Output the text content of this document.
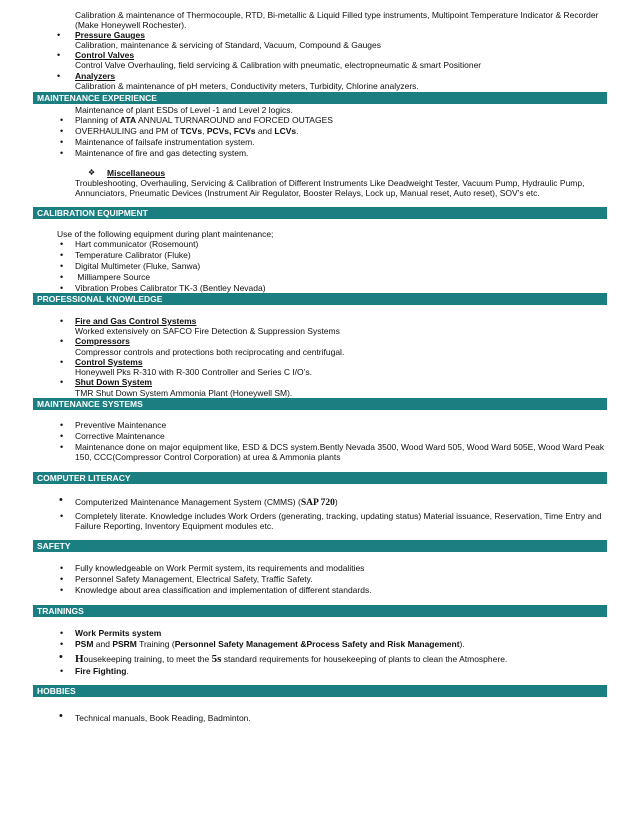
Calibration & maintenance of Thermocouple, RTD, Bi-metallic & Liquid Filled type instruments, Multipoint Temperature Indicator & Recorder
(Make Honeywell Rochester).
• Pressure Gauges
Calibration, maintenance & servicing of Standard, Vacuum, Compound & Gauges
• Control Valves
Control Valve Overhauling, field servicing & Calibration with pneumatic, electropneumatic & smart Positioner
• Analyzers
Calibration & maintenance of pH meters, Conductivity meters, Turbidity, Chlorine analyzers.
MAINTENANCE EXPERIENCE
Maintenance of plant ESDs of Level -1 and Level 2 logics.
• Planning of ATA ANNUAL TURNAROUND and FORCED OUTAGES
• OVERHAULING and PM of TCVs, PCVs, FCVs and LCVs.
• Maintenance of failsafe instrumentation system.
• Maintenance of fire and gas detecting system.
❖ Miscellaneous
Troubleshooting, Overhauling, Servicing & Calibration of Different Instruments Like Deadweight Tester, Vacuum Pump, Hydraulic Pump,
Annunciators, Pneumatic Devices (Instrument Air Regulator, Booster Relays, Lock up, Manual reset, Auto reset), SOV’s etc.
CALIBRATION EQUIPMENT
Use of the following equipment during plant maintenance;
• Hart communicator (Rosemount)
• Temperature Calibrator (Fluke)
• Digital Multimeter (Fluke, Sanwa)
• Milliampere Source
• Vibration Probes Calibrator TK-3 (Bentley Nevada)
PROFESSIONAL KNOWLEDGE
• Fire and Gas Control Systems
Worked extensively on SAFCO Fire Detection & Suppression Systems
• Compressors
Compressor controls and protections both reciprocating and centrifugal.
• Control Systems
Honeywell Pks R-310 with R-300 Controller and Series C I/O’s.
• Shut Down System
TMR Shut Down System Ammonia Plant (Honeywell SM).
MAINTENANCE SYSTEMS
• Preventive Maintenance
• Corrective Maintenance
• Maintenance done on major equipment like, ESD & DCS system.Bently Nevada 3500, Wood Ward 505, Wood Ward 505E, Wood Ward Peak
150, CCC(Compressor Control Corporation) at urea & Ammonia plants
COMPUTER LITERACY
• Computerized Maintenance Management System (CMMS) (SAP 720)
• Completely literate. Knowledge includes Work Orders (generating, tracking, updating status) Material issuance, Reservation, Time Entry and
Failure Reporting, Inventory Equipment modules etc.
SAFETY
• Fully knowledgeable on Work Permit system, its requirements and modalities
• Personnel Safety Management, Electrical Safety, Traffic Safety.
• Knowledge about area classification and implementation of different standards.
TRAININGS
• Work Permits system
• PSM and PSRM Training (Personnel Safety Management &Process Safety and Risk Management).
• Housekeeping training, to meet the 5s standard requirements for housekeeping of plants to clean the Atmosphere.
• Fire Fighting.
HOBBIES
• Technical manuals, Book Reading, Badminton.
